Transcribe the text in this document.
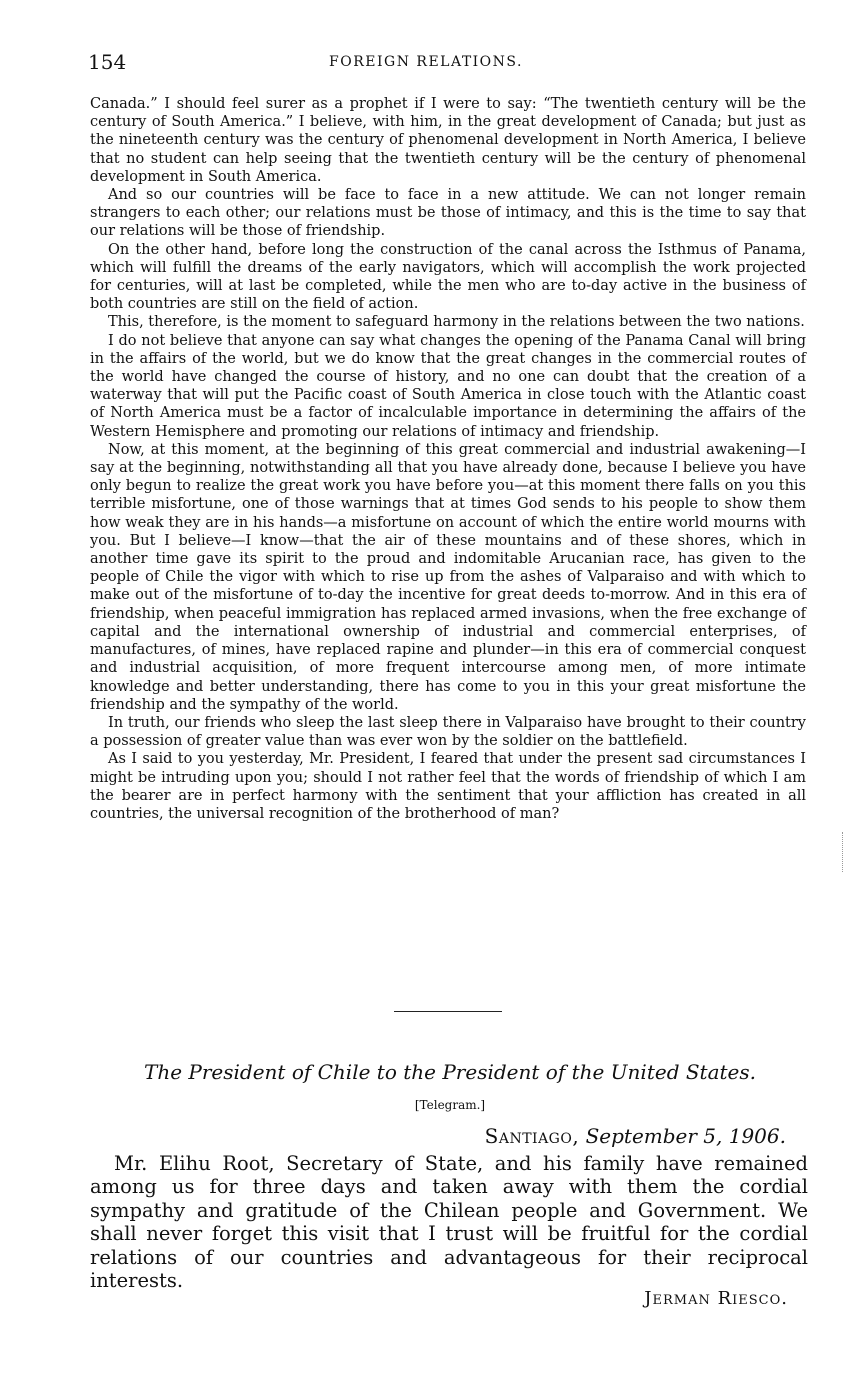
154	FOREIGN RELATIONS.

Canada.” I should feel surer as a prophet if I were to say: “The twentieth century will be the century of South America.” I believe, with him, in the great development of Canada; but just as the nineteenth century was the century of phenomenal development in North America, I believe that no student can help seeing that the twentieth century will be the century of phenomenal development in South America.

And so our countries will be face to face in a new attitude. We can not longer remain strangers to each other; our relations must be those of intimacy, and this is the time to say that our relations will be those of friendship.

On the other hand, before long the construction of the canal across the Isthmus of Panama, which will fulfill the dreams of the early navigators, which will accomplish the work projected for centuries, will at last be completed, while the men who are to-day active in the business of both countries are still on the field of action.

This, therefore, is the moment to safeguard harmony in the relations between the two nations.

I do not believe that anyone can say what changes the opening of the Panama Canal will bring in the affairs of the world, but we do know that the great changes in the commercial routes of the world have changed the course of history, and no one can doubt that the creation of a waterway that will put the Pacific coast of South America in close touch with the Atlantic coast of North America must be a factor of incalculable importance in determining the affairs of the Western Hemisphere and promoting our relations of intimacy and friendship.

Now, at this moment, at the beginning of this great commercial and industrial awakening—I say at the beginning, notwithstanding all that you have already done, because I believe you have only begun to realize the great work you have before you—at this moment there falls on you this terrible misfortune, one of those warnings that at times God sends to his people to show them how weak they are in his hands—a misfortune on account of which the entire world mourns with you. But I believe—I know—that the air of these mountains and of these shores, which in another time gave its spirit to the proud and indomitable Arucanian race, has given to the people of Chile the vigor with which to rise up from the ashes of Valparaiso and with which to make out of the misfortune of to-day the incentive for great deeds to-morrow. And in this era of friendship, when peaceful immigration has replaced armed invasions, when the free exchange of capital and the international ownership of industrial and commercial enterprises, of manufactures, of mines, have replaced rapine and plunder—in this era of commercial conquest and industrial acquisition, of more frequent intercourse among men, of more intimate knowledge and better understanding, there has come to you in this your great misfortune the friendship and the sympathy of the world.

In truth, our friends who sleep the last sleep there in Valparaiso have brought to their country a possession of greater value than was ever won by the soldier on the battlefield.

As I said to you yesterday, Mr. President, I feared that under the present sad circumstances I might be intruding upon you; should I not rather feel that the words of friendship of which I am the bearer are in perfect harmony with the sentiment that your affliction has created in all countries, the universal recognition of the brotherhood of man?

The President of Chile to the President of the United States.
[Telegram.]
Santiago, September 5, 1906.

Mr. Elihu Root, Secretary of State, and his family have remained among us for three days and taken away with them the cordial sympathy and gratitude of the Chilean people and Government. We shall never forget this visit that I trust will be fruitful for the cordial relations of our countries and advantageous for their reciprocal interests.

Jerman Riesco.
